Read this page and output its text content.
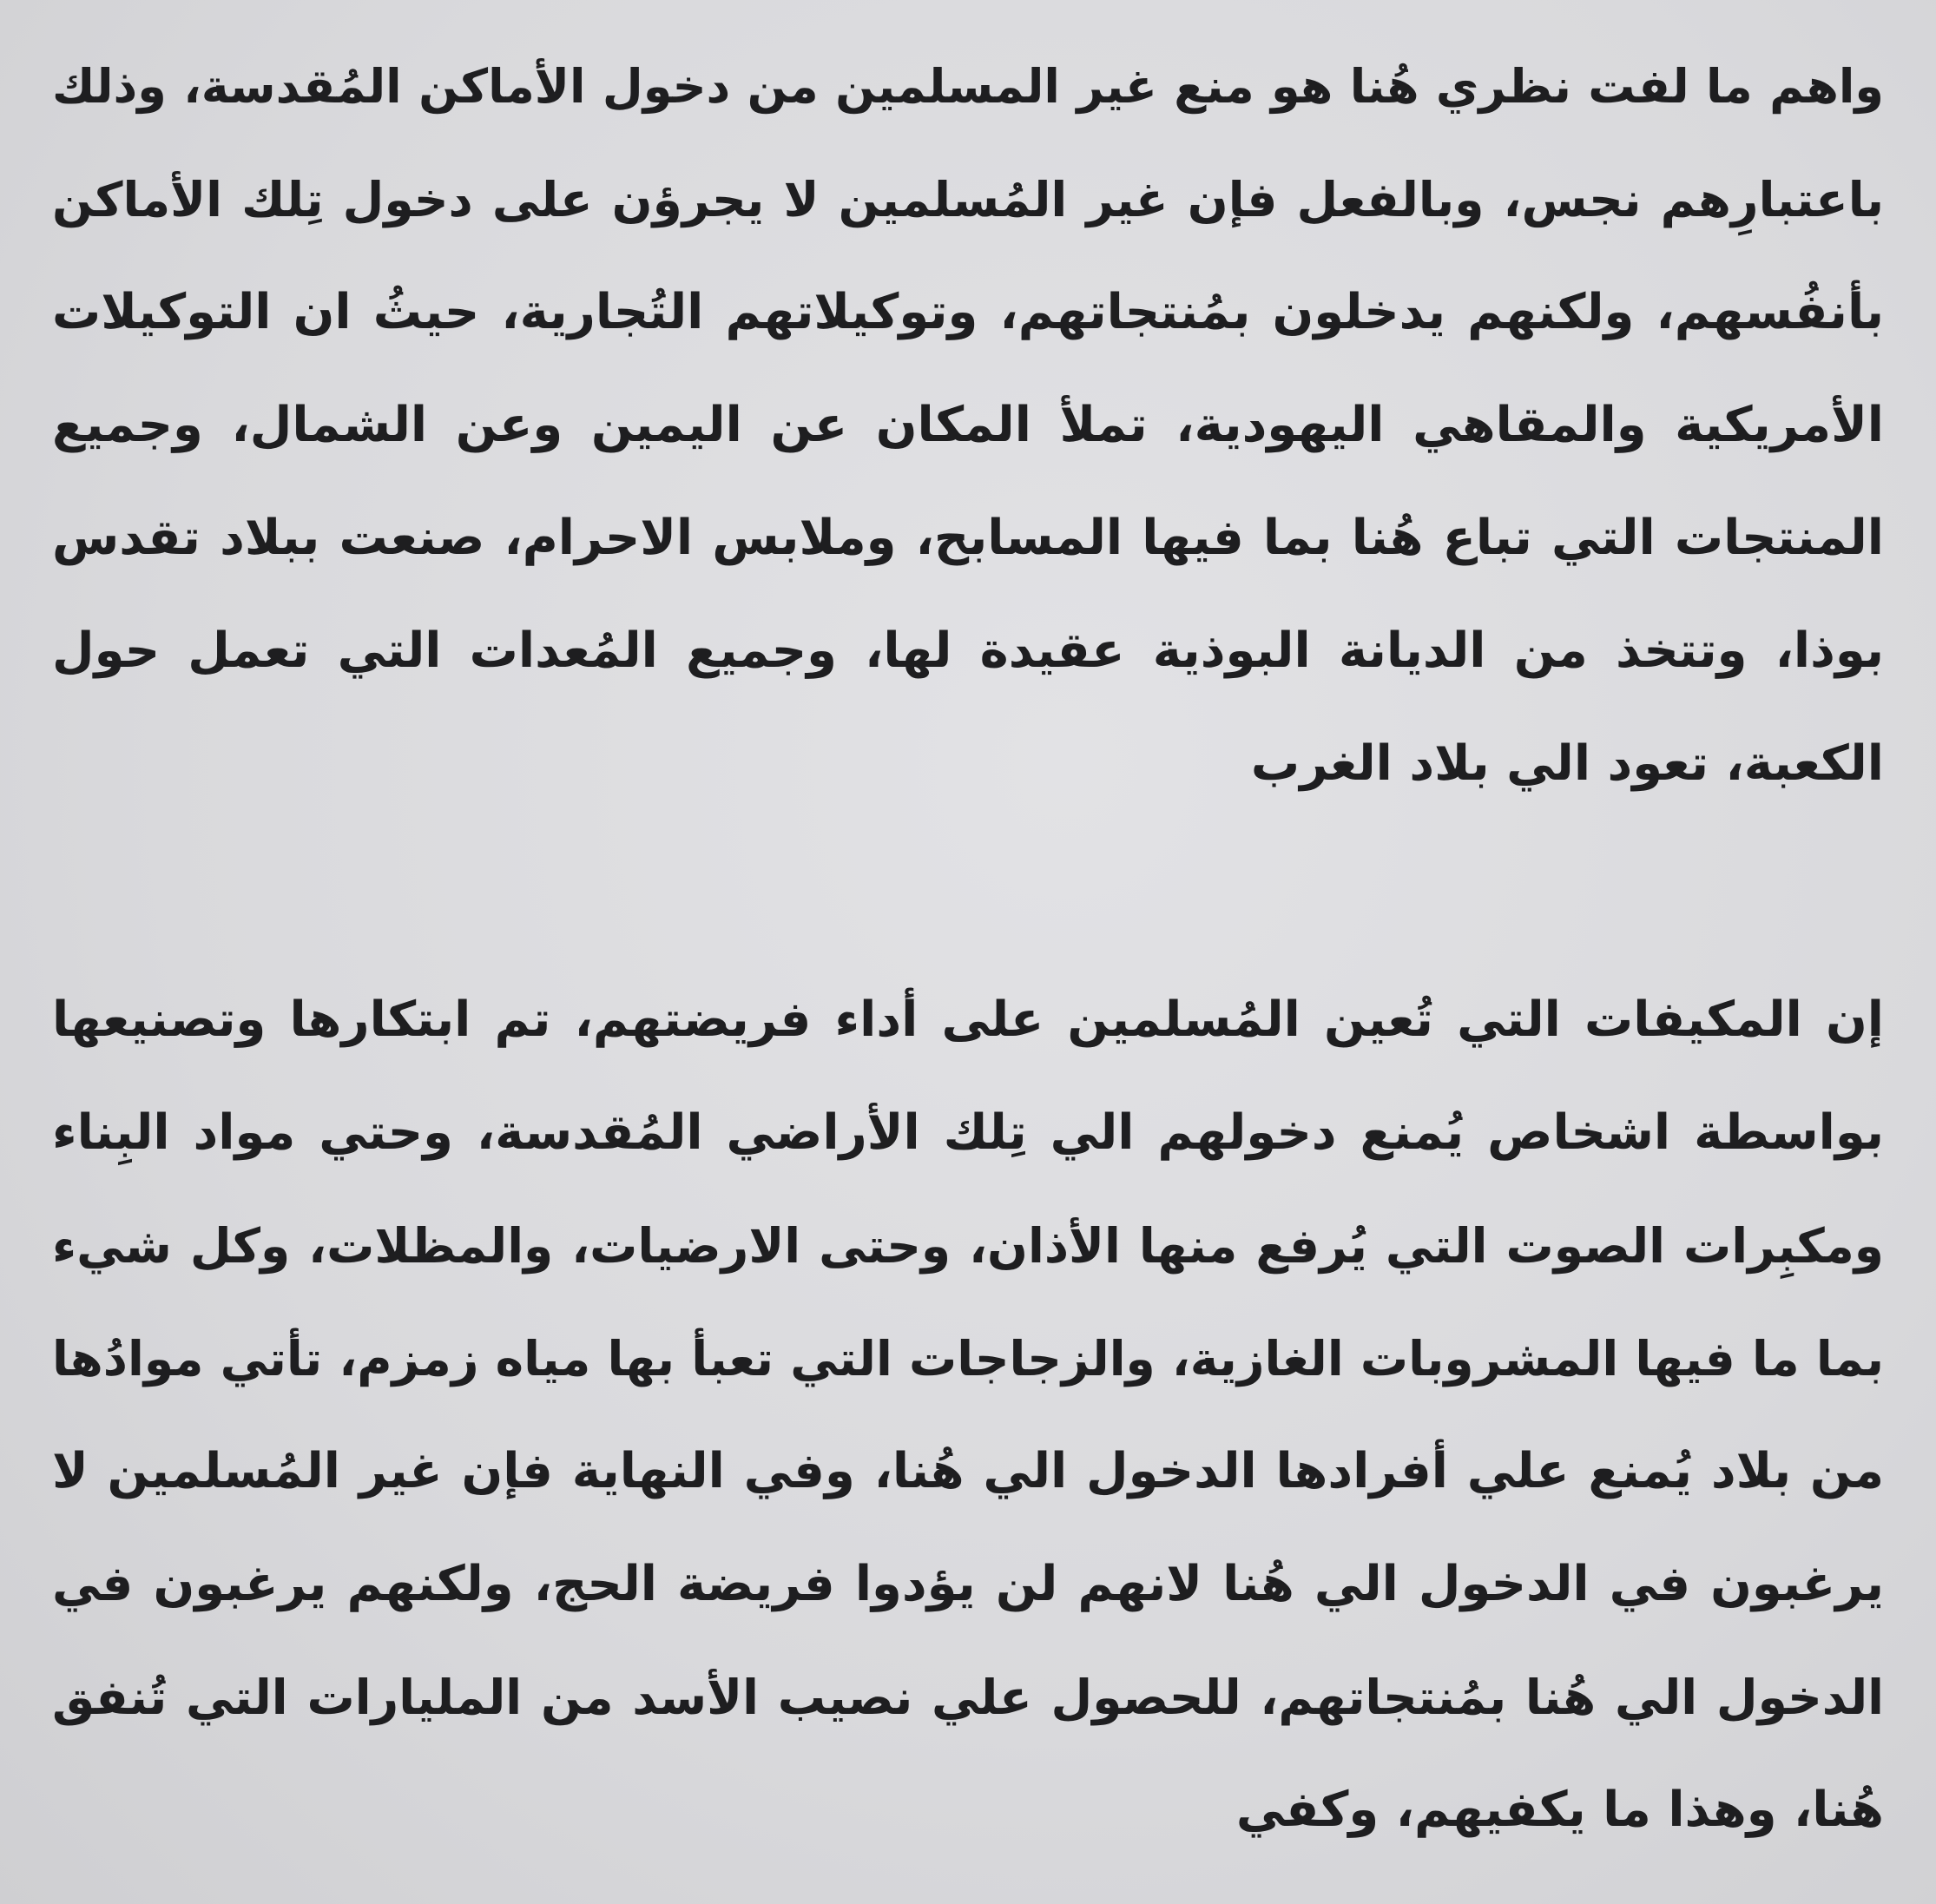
واهم ما لفت نظري هُنا هو منع غير المسلمين من دخول الأماكن المُقدسة، وذلك
باعتبارِهم نجس، وبالفعل فإن غير المُسلمين لا يجرؤن على دخول تِلك الأماكن
بأنفُسهم، ولكنهم يدخلون بمُنتجاتهم، وتوكيلاتهم التُجارية، حيثُ ان التوكيلات
الأمريكية والمقاهي اليهودية، تملأ المكان عن اليمين وعن الشمال، وجميع
المنتجات التي تباع هُنا بما فيها المسابح، وملابس الاحرام، صنعت ببلاد تقدس
بوذا، وتتخذ من الديانة البوذية عقيدة لها، وجميع المُعدات التي تعمل حول
الكعبة، تعود الي بلاد الغرب
إن المكيفات التي تُعين المُسلمين على أداء فريضتهم، تم ابتكارها وتصنيعها
بواسطة اشخاص يُمنع دخولهم الي تِلك الأراضي المُقدسة، وحتي مواد البِناء
ومكبِرات الصوت التي يُرفع منها الأذان، وحتى الارضيات، والمظلات، وكل شيء
بما ما فيها المشروبات الغازية، والزجاجات التي تعبأ بها مياه زمزم، تأتي موادُها
من بلاد يُمنع علي أفرادها الدخول الي هُنا، وفي النهاية فإن غير المُسلمين لا
يرغبون في الدخول الي هُنا لانهم لن يؤدوا فريضة الحج، ولكنهم يرغبون في
الدخول الي هُنا بمُنتجاتهم، للحصول علي نصيب الأسد من المليارات التي تُنفق
هُنا، وهذا ما يكفيهم، وكفي
